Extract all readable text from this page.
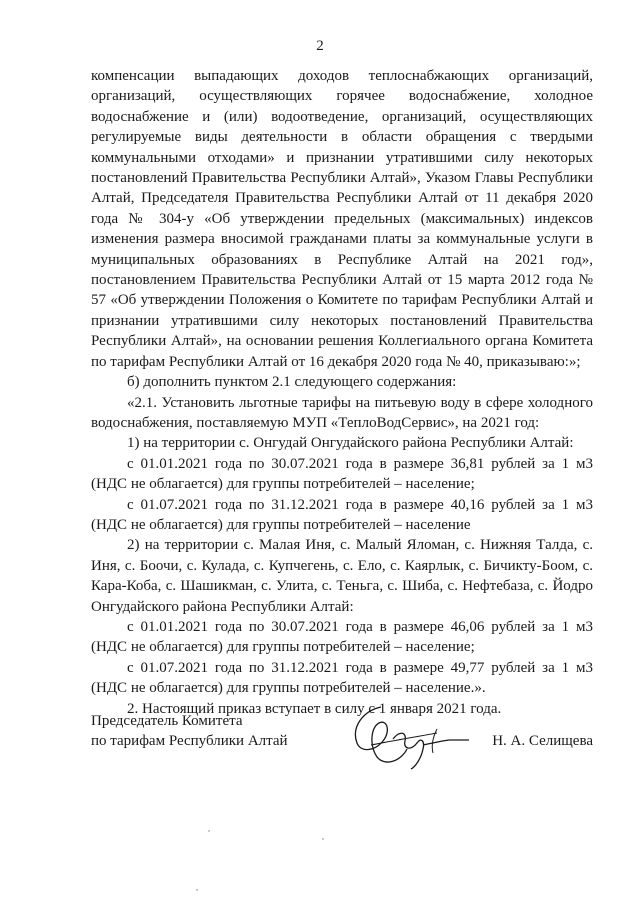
2

компенсации выпадающих доходов теплоснабжающих организаций, организаций, осуществляющих горячее водоснабжение, холодное водоснабжение и (или) водоотведение, организаций, осуществляющих регулируемые виды деятельности в области обращения с твердыми коммунальными отходами» и признании утратившими силу некоторых постановлений Правительства Республики Алтай», Указом Главы Республики Алтай, Председателя Правительства Республики Алтай от 11 декабря 2020 года № 304-у «Об утверждении предельных (максимальных) индексов изменения размера вносимой гражданами платы за коммунальные услуги в муниципальных образованиях в Республике Алтай на 2021 год», постановлением Правительства Республики Алтай от 15 марта 2012 года № 57 «Об утверждении Положения о Комитете по тарифам Республики Алтай и признании утратившими силу некоторых постановлений Правительства Республики Алтай», на основании решения Коллегиального органа Комитета по тарифам Республики Алтай от 16 декабря 2020 года № 40, приказываю:»;

б) дополнить пунктом 2.1 следующего содержания:

«2.1. Установить льготные тарифы на питьевую воду в сфере холодного водоснабжения, поставляемую МУП «ТеплоВодСервис», на 2021 год:

1) на территории с. Онгудай Онгудайского района Республики Алтай:

с 01.01.2021 года по 30.07.2021 года в размере 36,81 рублей за 1 м3 (НДС не облагается) для группы потребителей – население;

с 01.07.2021 года по 31.12.2021 года в размере 40,16 рублей за 1 м3 (НДС не облагается) для группы потребителей – население

2) на территории с. Малая Иня, с. Малый Яломан, с. Нижняя Талда, с. Иня, с. Боочи, с. Кулада, с. Купчегень, с. Ело, с. Каярлык, с. Бичикту-Боом, с. Кара-Коба, с. Шашикман, с. Улита, с. Теньга, с. Шиба, с. Нефтебаза, с. Йодро Онгудайского района Республики Алтай:

с 01.01.2021 года по 30.07.2021 года в размере 46,06 рублей за 1 м3 (НДС не облагается) для группы потребителей – население;

с 01.07.2021 года по 31.12.2021 года в размере 49,77 рублей за 1 м3 (НДС не облагается) для группы потребителей – население.».

2. Настоящий приказ вступает в силу с 1 января 2021 года.

Председатель Комитета
по тарифам Республики Алтай	Н. А. Селищева
